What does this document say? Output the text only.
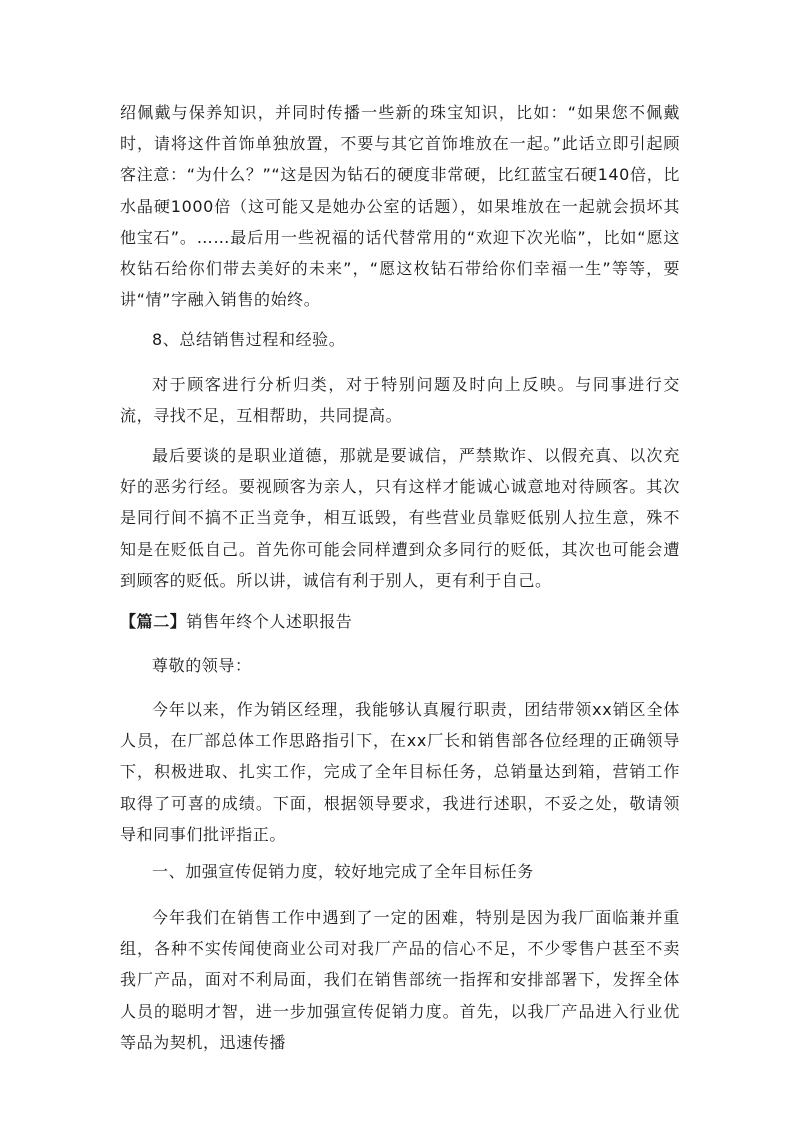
绍佩戴与保养知识，并同时传播一些新的珠宝知识，比如：“如果您不佩戴时，请将这件首饰单独放置，不要与其它首饰堆放在一起。”此话立即引起顾客注意：“为什么？”“这是因为钻石的硬度非常硬，比红蓝宝石硬140倍，比水晶硬1000倍（这可能又是她办公室的话题），如果堆放在一起就会损坏其他宝石”。……最后用一些祝福的话代替常用的“欢迎下次光临”，比如“愿这枚钻石给你们带去美好的未来”，“愿这枚钻石带给你们幸福一生”等等，要讲“情”字融入销售的始终。

8、总结销售过程和经验。

对于顾客进行分析归类，对于特别问题及时向上反映。与同事进行交流，寻找不足，互相帮助，共同提高。

最后要谈的是职业道德，那就是要诚信，严禁欺诈、以假充真、以次充好的恶劣行经。要视顾客为亲人，只有这样才能诚心诚意地对待顾客。其次是同行间不搞不正当竞争，相互诋毁，有些营业员靠贬低别人拉生意，殊不知是在贬低自己。首先你可能会同样遭到众多同行的贬低，其次也可能会遭到顾客的贬低。所以讲，诚信有利于别人，更有利于自己。

【篇二】销售年终个人述职报告

尊敬的领导：

今年以来，作为销区经理，我能够认真履行职责，团结带领xx销区全体人员，在厂部总体工作思路指引下，在xx厂长和销售部各位经理的正确领导下，积极进取、扎实工作，完成了全年目标任务，总销量达到箱，营销工作取得了可喜的成绩。下面，根据领导要求，我进行述职，不妥之处，敬请领导和同事们批评指正。

一、加强宣传促销力度，较好地完成了全年目标任务

今年我们在销售工作中遇到了一定的困难，特别是因为我厂面临兼并重组，各种不实传闻使商业公司对我厂产品的信心不足，不少零售户甚至不卖我厂产品，面对不利局面，我们在销售部统一指挥和安排部署下，发挥全体人员的聪明才智，进一步加强宣传促销力度。首先，以我厂产品进入行业优等品为契机，迅速传播
